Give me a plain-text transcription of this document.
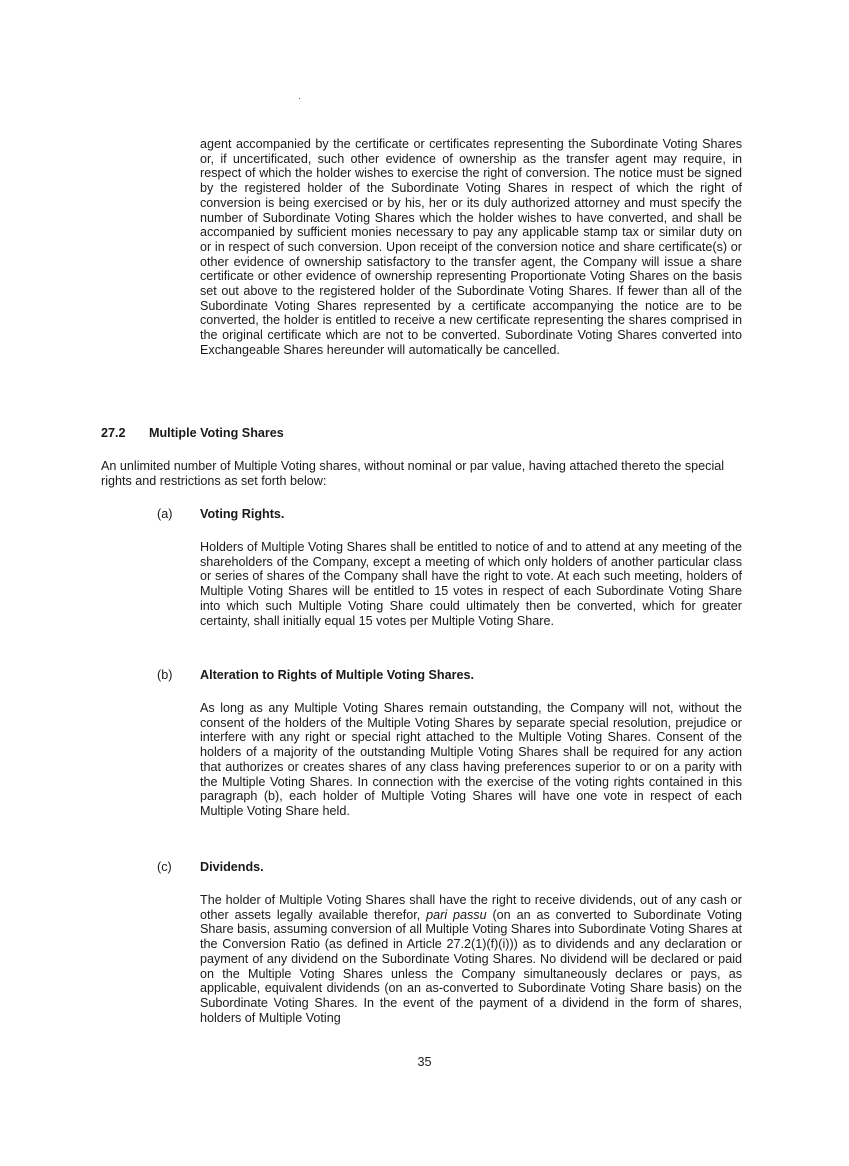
agent accompanied by the certificate or certificates representing the Subordinate Voting Shares or, if uncertificated, such other evidence of ownership as the transfer agent may require, in respect of which the holder wishes to exercise the right of conversion. The notice must be signed by the registered holder of the Subordinate Voting Shares in respect of which the right of conversion is being exercised or by his, her or its duly authorized attorney and must specify the number of Subordinate Voting Shares which the holder wishes to have converted, and shall be accompanied by sufficient monies necessary to pay any applicable stamp tax or similar duty on or in respect of such conversion. Upon receipt of the conversion notice and share certificate(s) or other evidence of ownership satisfactory to the transfer agent, the Company will issue a share certificate or other evidence of ownership representing Proportionate Voting Shares on the basis set out above to the registered holder of the Subordinate Voting Shares. If fewer than all of the Subordinate Voting Shares represented by a certificate accompanying the notice are to be converted, the holder is entitled to receive a new certificate representing the shares comprised in the original certificate which are not to be converted. Subordinate Voting Shares converted into Exchangeable Shares hereunder will automatically be cancelled.

27.2 Multiple Voting Shares

An unlimited number of Multiple Voting shares, without nominal or par value, having attached thereto the special rights and restrictions as set forth below:

(a) Voting Rights.

Holders of Multiple Voting Shares shall be entitled to notice of and to attend at any meeting of the shareholders of the Company, except a meeting of which only holders of another particular class or series of shares of the Company shall have the right to vote. At each such meeting, holders of Multiple Voting Shares will be entitled to 15 votes in respect of each Subordinate Voting Share into which such Multiple Voting Share could ultimately then be converted, which for greater certainty, shall initially equal 15 votes per Multiple Voting Share.

(b) Alteration to Rights of Multiple Voting Shares.

As long as any Multiple Voting Shares remain outstanding, the Company will not, without the consent of the holders of the Multiple Voting Shares by separate special resolution, prejudice or interfere with any right or special right attached to the Multiple Voting Shares. Consent of the holders of a majority of the outstanding Multiple Voting Shares shall be required for any action that authorizes or creates shares of any class having preferences superior to or on a parity with the Multiple Voting Shares. In connection with the exercise of the voting rights contained in this paragraph (b), each holder of Multiple Voting Shares will have one vote in respect of each Multiple Voting Share held.

(c) Dividends.

The holder of Multiple Voting Shares shall have the right to receive dividends, out of any cash or other assets legally available therefor, pari passu (on an as converted to Subordinate Voting Share basis, assuming conversion of all Multiple Voting Shares into Subordinate Voting Shares at the Conversion Ratio (as defined in Article 27.2(1)(f)(i))) as to dividends and any declaration or payment of any dividend on the Subordinate Voting Shares. No dividend will be declared or paid on the Multiple Voting Shares unless the Company simultaneously declares or pays, as applicable, equivalent dividends (on an as-converted to Subordinate Voting Share basis) on the Subordinate Voting Shares. In the event of the payment of a dividend in the form of shares, holders of Multiple Voting

35
